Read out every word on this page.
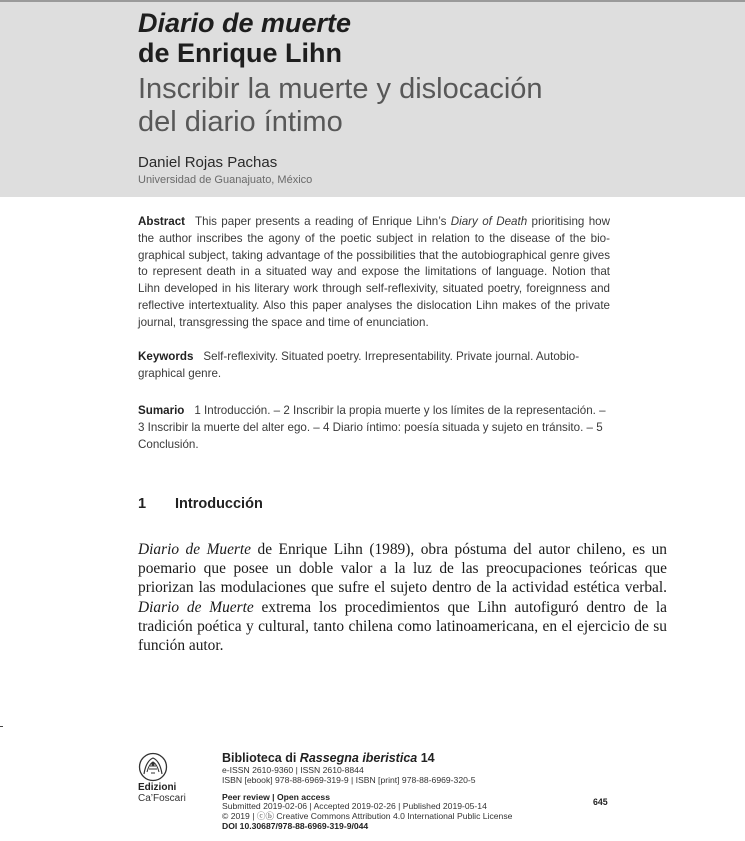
Diario de muerte
de Enrique Lihn
Inscribir la muerte y dislocación
del diario íntimo
Daniel Rojas Pachas
Universidad de Guanajuato, México
Abstract This paper presents a reading of Enrique Lihn’s Diary of Death prioritising how the author inscribes the agony of the poetic subject in relation to the disease of the bio-graphical subject, taking advantage of the possibilities that the autobiographical genre gives to represent death in a situated way and expose the limitations of language. Notion that Lihn developed in his literary work through self-reflexivity, situated poetry, foreignness and reflective intertextuality. Also this paper analyses the dislocation Lihn makes of the private journal, transgressing the space and time of enunciation.
Keywords Self-reflexivity. Situated poetry. Irrepresentability. Private journal. Autobio-graphical genre.
Sumario 1 Introducción. – 2 Inscribir la propia muerte y los límites de la representación. – 3 Inscribir la muerte del alter ego. – 4 Diario íntimo: poesía situada y sujeto en tránsito. – 5 Conclusión.
1 Introducción
Diario de Muerte de Enrique Lihn (1989), obra póstuma del autor chileno, es un poemario que posee un doble valor a la luz de las preocupaciones teóricas que priorizan las modulaciones que sufre el sujeto dentro de la actividad estética verbal. Diario de Muerte extrema los procedimientos que Lihn autofiguró dentro de la tradición poética y cultural, tanto chilena como latinoamericana, en el ejercicio de su función autor.
Edizioni
Ca’Foscari
Biblioteca di Rassegna iberistica 14
e-ISSN 2610-9360 | ISSN 2610-8844
ISBN [ebook] 978-88-6969-319-9 | ISBN [print] 978-88-6969-320-5
Peer review | Open access
Submitted 2019-02-06 | Accepted 2019-02-26 | Published 2019-05-14
© 2019 | ⓒⓑ Creative Commons Attribution 4.0 International Public License
DOI 10.30687/978-88-6969-319-9/044
645
